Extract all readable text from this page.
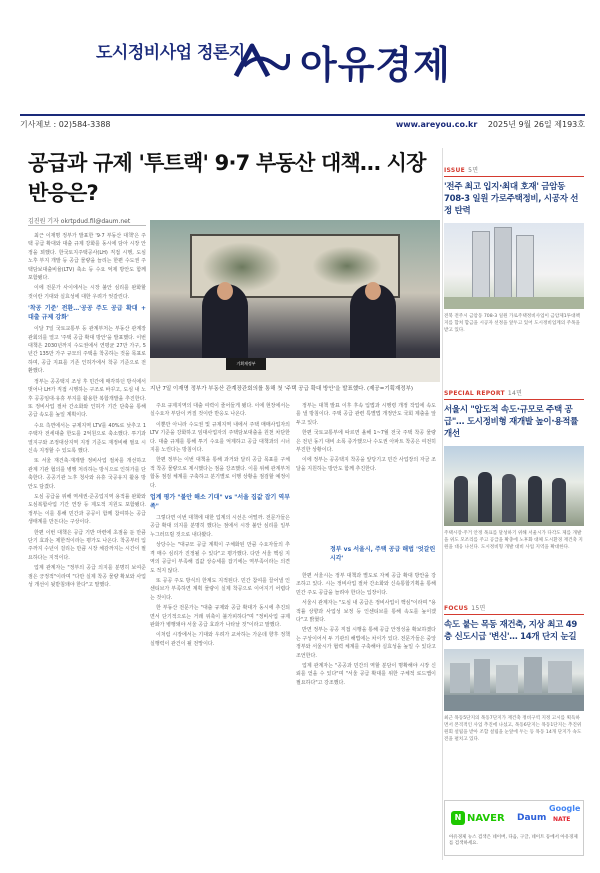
도시정비사업 정론지 아유경제
기사제보 : 02)584-3388	www.areyou.co.kr 2025년 9월 26일 제193호
공급과 규제 '투트랙' 9·7 부동산 대책… 시장 반응은?
김진원 기자 okrtpdud.fil@daum.net

최근 이재명 정부가 발표한 '9·7 부동산 대책'은 주택 공급 확대와 대출 규제 강화를 동시에 담아 시장 안정을 꾀했다. 한국토지주택공사(LH) 직접 시행, 도심 노후 부지 개발 등 공급 물량을 늘리는 한편 수도권 주택담보대출비율(LTV) 축소 등 수요 억제 방안도 함께 포함됐다.

이에 전문가 사이에서는 시장 불안 심리를 완화할 것이란 기대와 실효성에 대한 우려가 엇갈린다.

'착공 기준' 전환…'공공 주도 공급 확대 + 대출 규제 강화'

이달 7일 국토교통부 등 관계부처는 부동산 관계장관회의를 열고 '주택 공급 확대 방안'을 발표했다. 이번 대책은 2030년까지 수도권에서 연평균 27만 가구, 5년간 135만 가구 규모의 주택을 착공하는 것을 목표로 하며, 공급 지표를 기존 인허가에서 착공 기준으로 전환했다.

정부는 공공택지 조성 후 민간에 매각하던 방식에서 벗어나 LH가 직접 시행하는 구조로 바꾸고, 도심 내 노후 공공임대·유휴 부지를 활용한 복합개발을 추진한다. 또 정비사업 절차 간소화와 인허가 기간 단축을 통해 공급 속도를 높일 계획이다.

수요 측면에서는 규제지역 LTV를 40%로 낮추고 1주택자 전세대출 한도를 2억원으로 축소했다. 투기과열지구와 조정대상지역 지정 기준도 재정비해 필요 시 신속 지정할 수 있도록 했다.

또 서울 재건축·재개발 정비사업 절차를 개선하고 관계 기관 협의를 병행 처리하는 방식으로 인허가를 단축한다. 공공기관 노후 청사와 유휴 국공유지 활용 방안도 담겼다.

도심 공급을 위해 역세권·준공업지역 용적률 완화와 도심복합사업 기간 연장 등 제도적 지원도 포함됐다. 정부는 이를 통해 민간과 공공이 함께 참여하는 공급 생태계를 만든다는 구상이다.

한편 이번 대책은 공급 기반 마련에 초점을 둔 만큼 단기 효과는 제한적이라는 평가도 나온다. 착공부터 입주까지 수년이 걸리는 만큼 시장 체감까지는 시간이 필요하다는 지적이다.

업계 관계자는 "정부의 공급 의지를 분명히 보여준 점은 긍정적"이라며 "다만 실제 착공 물량 확보와 사업성 개선이 뒷받침돼야 한다"고 말했다.

기획재정부
지난 7일 이재명 정부가 부동산 관계장관회의를 통해 첫 '주택 공급 확대 방안'을 발표했다. (제공=기획재정부)

주요 규제지역의 대출 여력이 줄어들게 됐다. 이에 현장에서는 실수요자 부담이 커질 것이란 반응도 나온다.

이뿐만 아니라 수도권 및 규제지역 내에서 주택 매매사업자의 LTV 기준을 강화하고 임대사업자의 주택담보대출을 원천 차단한다. 대출 규제를 통해 투기 수요를 억제하고 공급 대책과의 시너지를 노린다는 방침이다.

한편 정부는 이번 대책을 통해 과거와 달리 공급 목표를 구체적 착공 물량으로 제시했다는 점을 강조했다. 이를 위해 관계부처 합동 점검 체계를 구축하고 분기별로 이행 상황을 점검할 예정이다.

업계 평가 "불안 해소 기대" vs "서울 집값 잡기 역부족"

그렇다면 이번 대책에 대한 업계의 시선은 어떨까. 전문가들은 공급 확대 의지를 분명히 했다는 점에서 시장 불안 심리를 일부 누그러뜨릴 것으로 내다봤다.

상당수는 "대규모 공급 계획이 구체화된 만큼 수요자들의 추격 매수 심리가 진정될 수 있다"고 평가했다. 다만 서울 핵심 지역의 공급이 부족해 집값 상승세를 잡기에는 역부족이라는 의견도 적지 않다.

또 공공 주도 방식의 한계도 지적된다. 민간 참여를 끌어낼 인센티브가 부족하면 계획 물량이 실제 착공으로 이어지기 어렵다는 것이다.

한 부동산 전문가는 "대출 규제와 공급 확대가 동시에 추진되면서 단기적으로는 거래 위축이 불가피하다"며 "정비사업 규제 완화가 병행돼야 서울 공급 효과가 나타날 것"이라고 말했다.

이처럼 시장에서는 기대와 우려가 교차하는 가운데 향후 정책 실행력이 관건이 될 전망이다.

정부는 대책 발표 이후 후속 입법과 시행령 개정 작업에 속도를 낼 방침이다. 주택 공급 관련 특별법 개정안도 국회 제출을 앞두고 있다.

한편 국토교통부에 따르면 올해 1~7월 전국 주택 착공 물량은 전년 동기 대비 소폭 증가했으나 수도권 아파트 착공은 여전히 부진한 상황이다.

이에 정부는 공공택지 착공을 앞당기고 민간 사업장의 자금 조달을 지원하는 방안도 함께 추진한다.

정부 vs 서울시, 주택 공급 해법 '엇갈린 시각'

한편 서울시는 정부 대책과 별도로 자체 공급 확대 방안을 강조하고 있다. 시는 정비사업 절차 간소화와 신속통합기획을 통해 민간 주도 공급을 늘려야 한다는 입장이다.

서울시 관계자는 "도심 내 공급은 정비사업이 핵심"이라며 "용적률 상향과 사업성 보정 등 인센티브를 통해 속도를 높이겠다"고 밝혔다.

반면 정부는 공공 직접 시행을 통해 공급 안정성을 확보하겠다는 구상이어서 두 기관의 해법에는 차이가 있다. 전문가들은 중앙정부와 서울시가 협력 체계를 구축해야 실효성을 높일 수 있다고 조언한다.

업계 관계자는 "공공과 민간의 역할 분담이 명확해야 시장 신뢰를 얻을 수 있다"며 "서울 공급 확대를 위한 구체적 로드맵이 필요하다"고 강조했다.

ISSUE 5면
'전주 최고 입지·최대 호재' 금암동 708-3 일원 가로주택정비, 시공자 선정 탄력
전북 전주시 금암동 708-3 일원 가로주택정비사업이 금암제1투대책지를 합쳐 합금을 시공자 선정을 앞두고 있어 도시정비업계의 주목을 받고 있다.
SPECIAL REPORT 14면
서울시 "압도적 속도·규모로 주택 공급"… 도시정비형 재개발 높이·용적률 개선
주택시장·주거 안정 목표를 달성하기 위해 서울시가 다각도 제를 개발을 위도 모조리를 주고 공급을 확충에 노후화 대체 도시환경 재건축 지원을 대응 나선다. 도시정비형 개발 대비 사업 지역을 확대한다.
FOCUS 15면
속도 붙는 목동 재건축, 지상 최고 49층 신도시급 '변신'… 14개 단지 눈길
최근 목동5단지의 목동7단지가 재건축 정비구역 지정 고시를 획득하면서 본격적인 사업 추진에 나섰고, 목동6단지는 목동1단지는 추진위원회 설립을 받아 조합 설립을 눈앞에 두는 등 목동 14개 단지가 속도전을 펼치고 있다.
N NAVER Daum
Google
NATE
아유경제 뉴스 검색은 네이버, 다음, 구글, 네이트 등에서 아유경제를 검색하세요.
